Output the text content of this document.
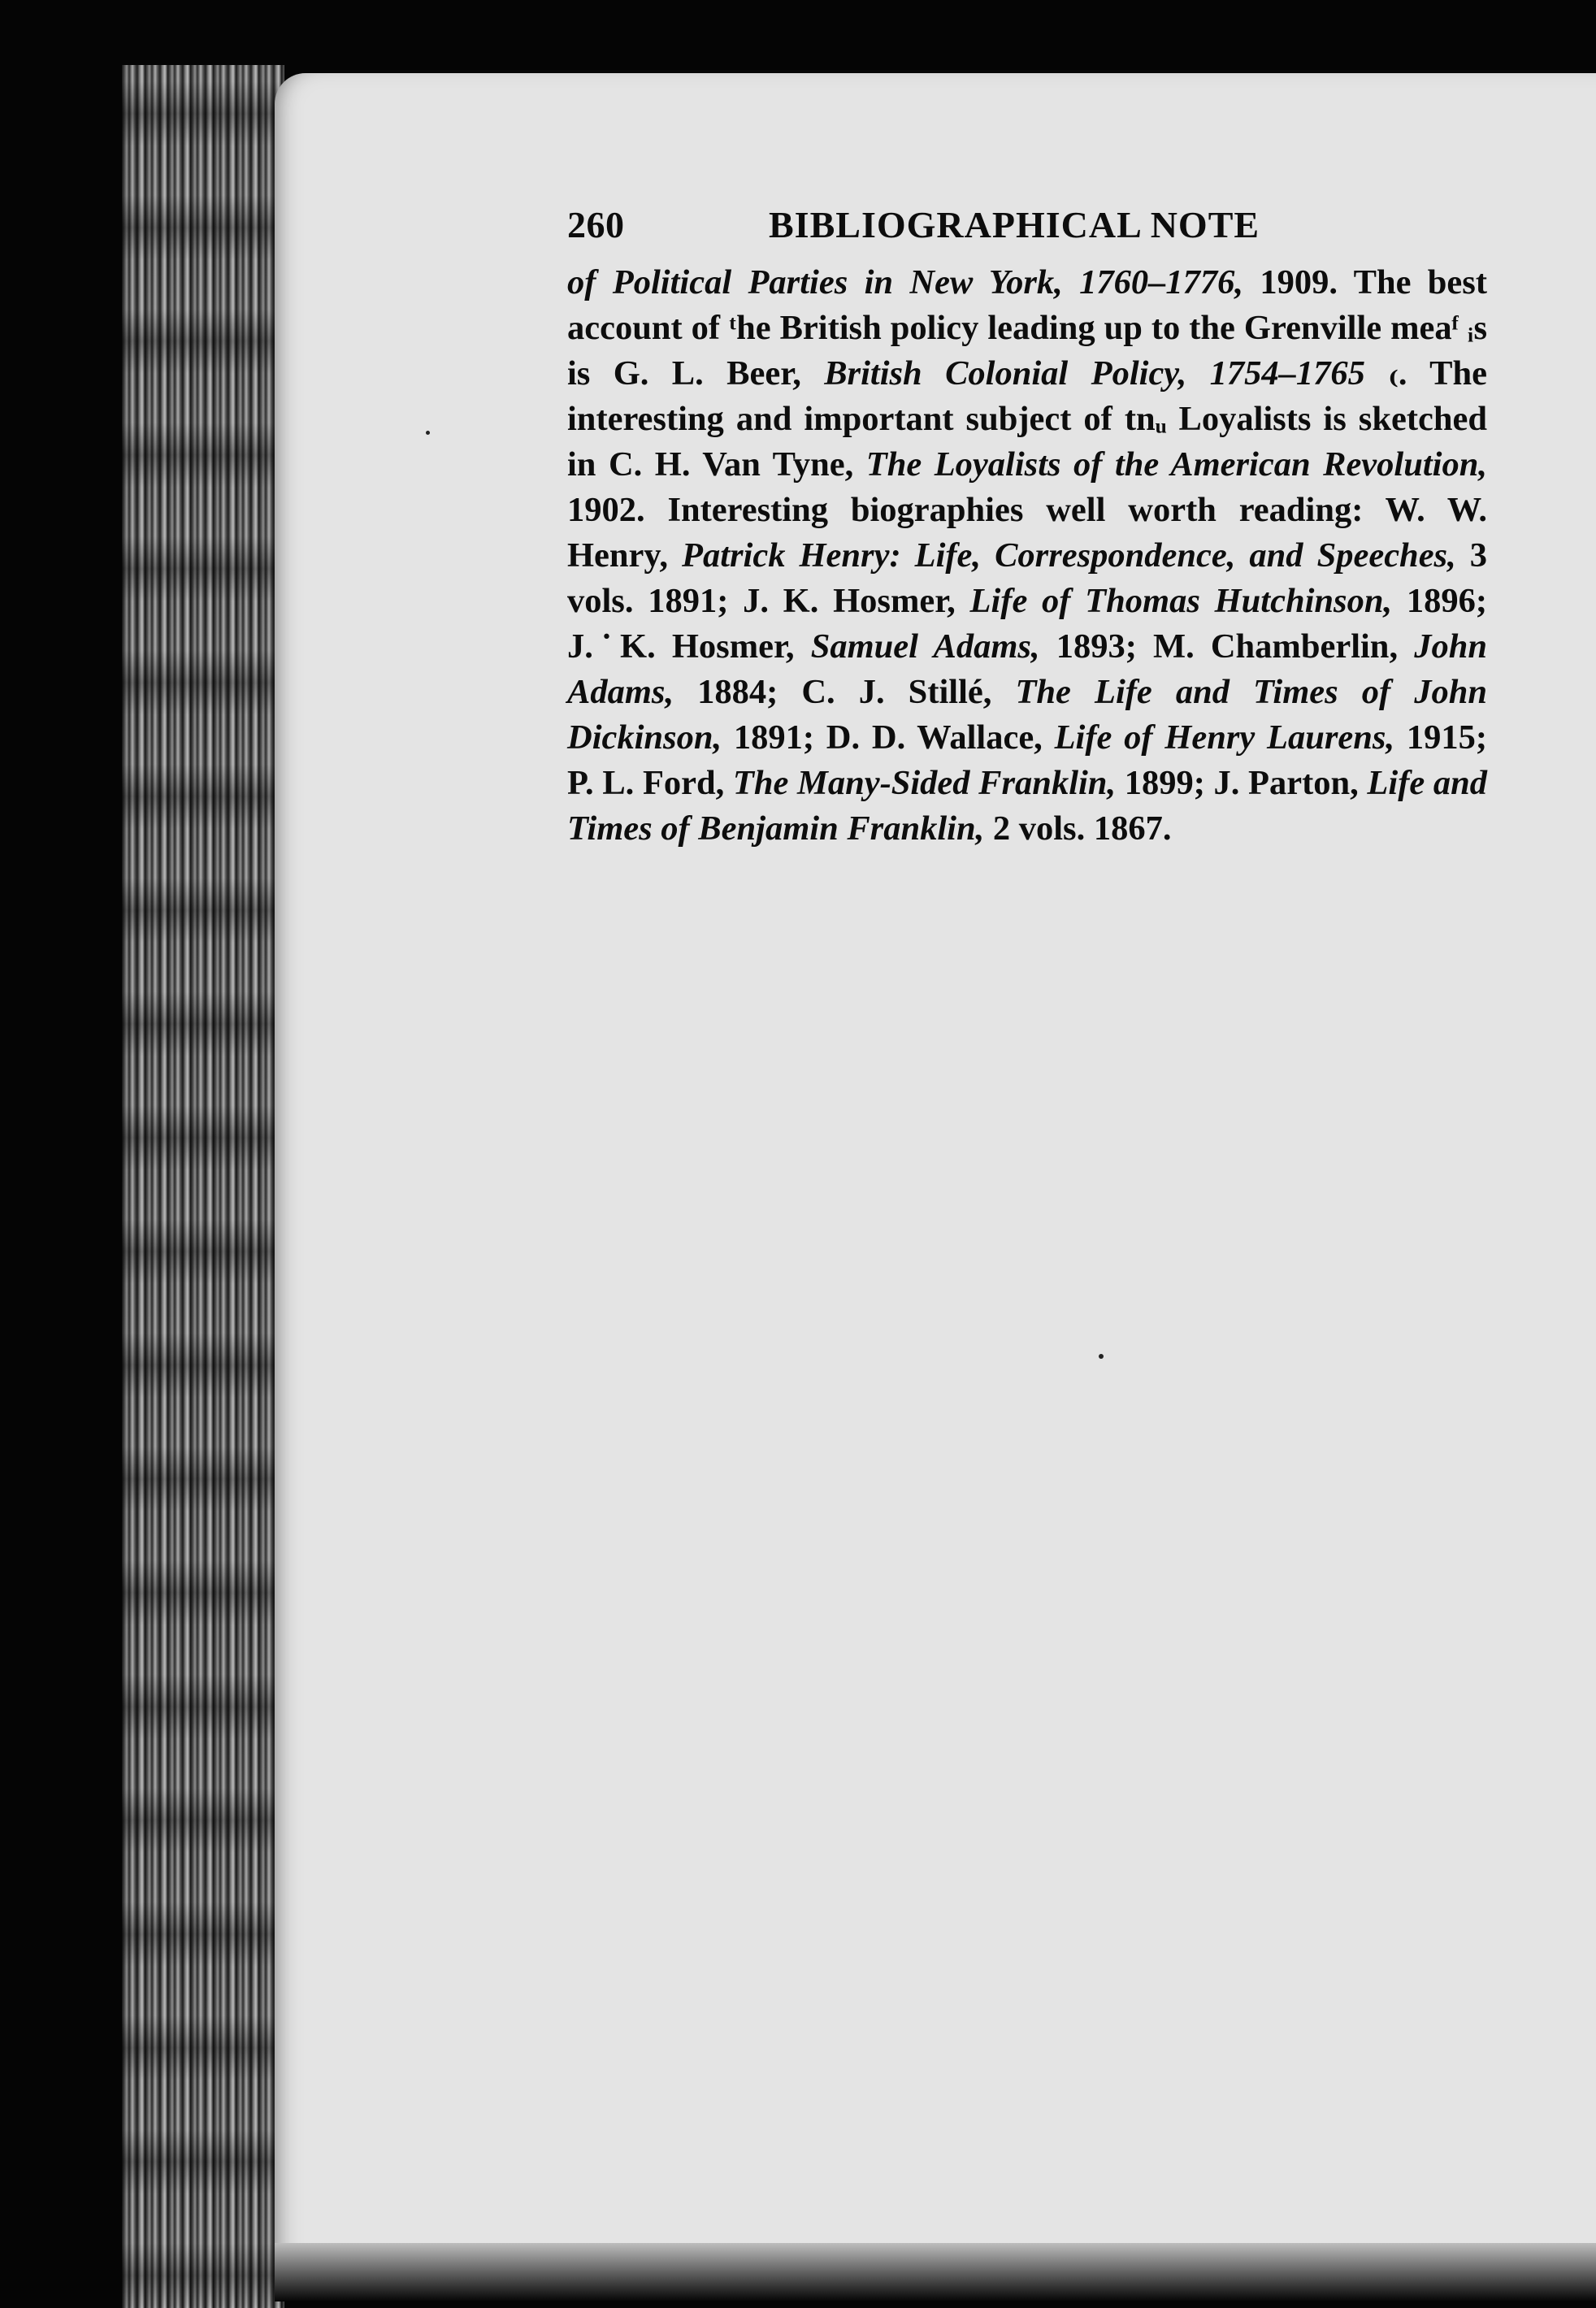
260	BIBLIOGRAPHICAL NOTE

of Political Parties in New York, 1760–1776, 1909. The best account of ᵗhe British policy leading up to the Grenville meaᶠ ᵢs is G. L. Beer, British Colonial Policy, 1754–1765 ₍. The interesting and important subject of tnᵤ Loyalists is sketched in C. H. Van Tyne, The Loyalists of the American Revolution, 1902. Interesting biographies well worth reading: W. W. Henry, Patrick Henry: Life, Correspondence, and Speeches, 3 vols. 1891; J. K. Hosmer, Life of Thomas Hutchinson, 1896; J.˙K. Hosmer, Samuel Adams, 1893; M. Chamberlin, John Adams, 1884; C. J. Stillé, The Life and Times of John Dickinson, 1891; D. D. Wallace, Life of Henry Laurens, 1915; P. L. Ford, The Many-Sided Franklin, 1899; J. Parton, Life and Times of Benjamin Franklin, 2 vols. 1867.
